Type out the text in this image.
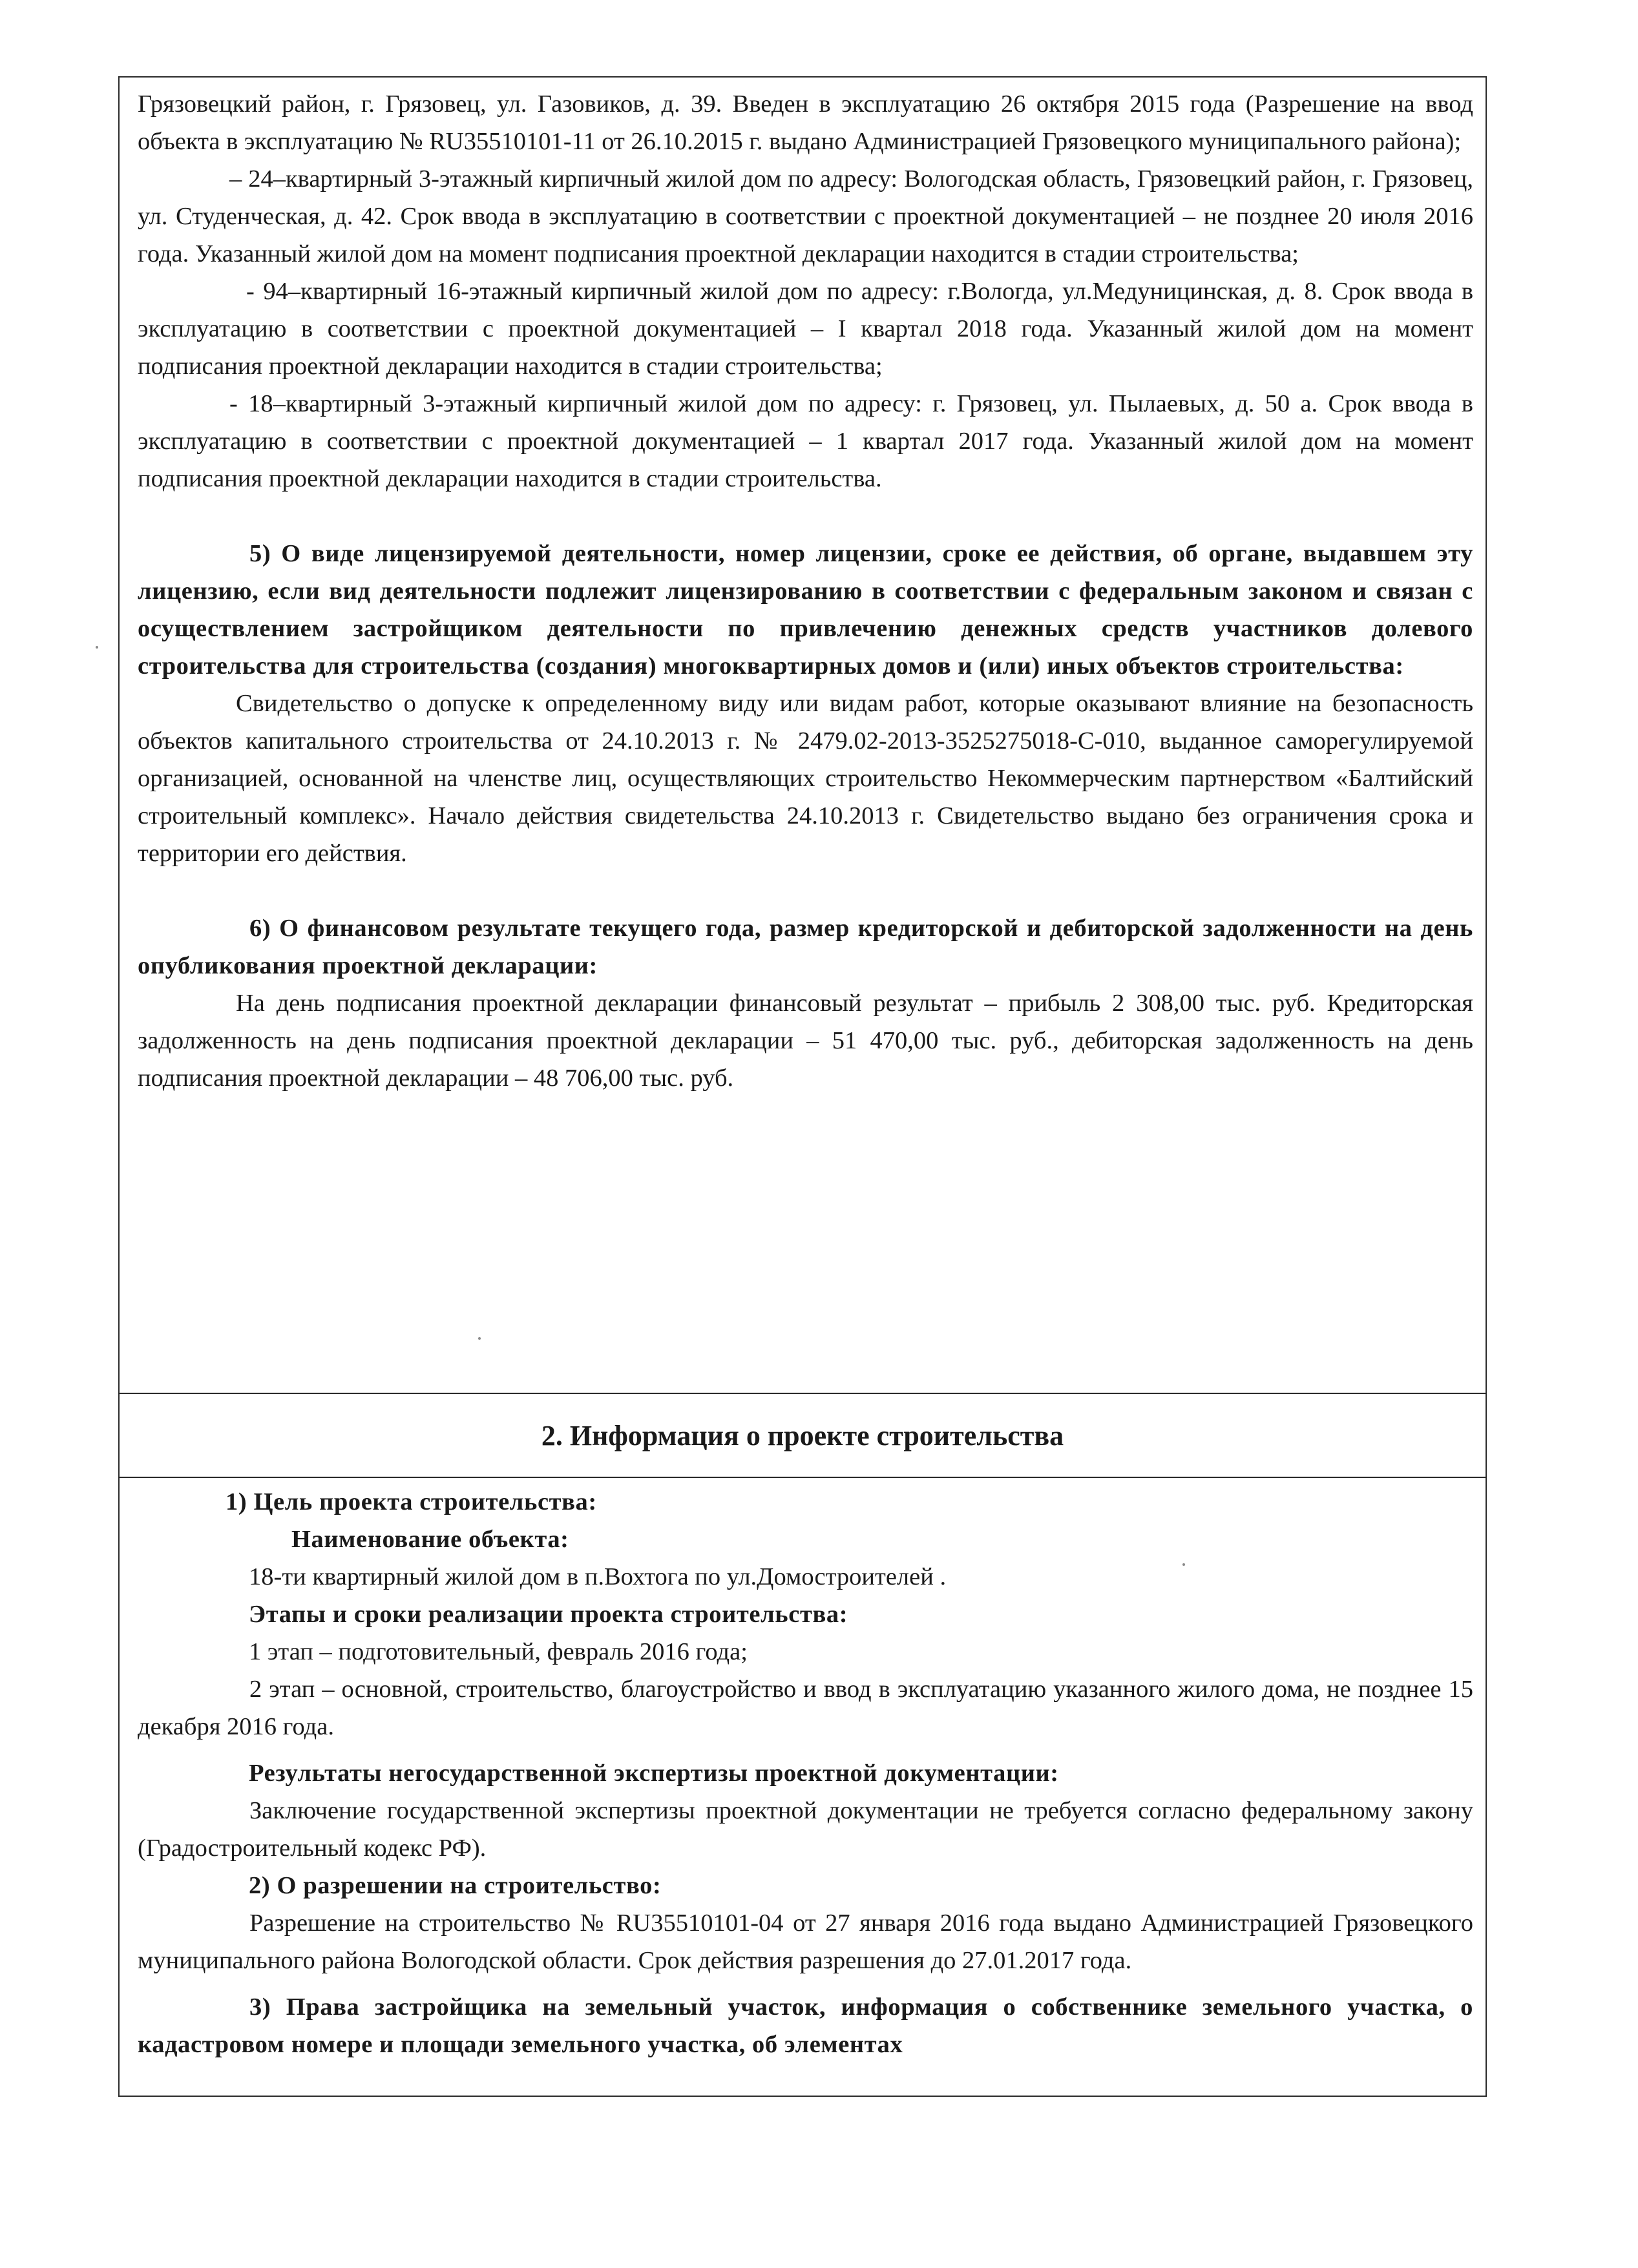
Грязовецкий район, г. Грязовец, ул. Газовиков, д. 39. Введен в эксплуатацию 26 октября 2015 года (Разрешение на ввод объекта в эксплуатацию № RU35510101-11 от 26.10.2015 г. выдано Администрацией Грязовецкого муниципального района);

– 24–квартирный 3-этажный кирпичный жилой дом по адресу: Вологодская область, Грязовецкий район, г. Грязовец, ул. Студенческая, д. 42. Срок ввода в эксплуатацию в соответствии с проектной документацией – не позднее 20 июля 2016 года. Указанный жилой дом на момент подписания проектной декларации находится в стадии строительства;

- 94–квартирный 16-этажный кирпичный жилой дом по адресу: г.Вологда, ул.Медуницинская, д. 8. Срок ввода в эксплуатацию в соответствии с проектной документацией – I квартал 2018 года. Указанный жилой дом на момент подписания проектной декларации находится в стадии строительства;

- 18–квартирный 3-этажный кирпичный жилой дом по адресу: г. Грязовец, ул. Пылаевых, д. 50 а. Срок ввода в эксплуатацию в соответствии с проектной документацией – 1 квартал 2017 года. Указанный жилой дом на момент подписания проектной декларации находится в стадии строительства.

5) О виде лицензируемой деятельности, номер лицензии, сроке ее действия, об органе, выдавшем эту лицензию, если вид деятельности подлежит лицензированию в соответствии с федеральным законом и связан с осуществлением застройщиком деятельности по привлечению денежных средств участников долевого строительства для строительства (создания) многоквартирных домов и (или) иных объектов строительства:

Свидетельство о допуске к определенному виду или видам работ, которые оказывают влияние на безопасность объектов капитального строительства от 24.10.2013 г. № 2479.02-2013-3525275018-С-010, выданное саморегулируемой организацией, основанной на членстве лиц, осуществляющих строительство Некоммерческим партнерством «Балтийский строительный комплекс». Начало действия свидетельства 24.10.2013 г. Свидетельство выдано без ограничения срока и территории его действия.

6) О финансовом результате текущего года, размер кредиторской и дебиторской задолженности на день опубликования проектной декларации:

На день подписания проектной декларации финансовый результат – прибыль 2 308,00 тыс. руб. Кредиторская задолженность на день подписания проектной декларации – 51 470,00 тыс. руб., дебиторская задолженность на день подписания проектной декларации – 48 706,00 тыс. руб.

2. Информация о проекте строительства

1) Цель проекта строительства:

Наименование объекта:

18-ти квартирный жилой дом в п.Вохтога по ул.Домостроителей .

Этапы и сроки реализации проекта строительства:

1 этап – подготовительный, февраль 2016 года;

2 этап – основной, строительство, благоустройство и ввод в эксплуатацию указанного жилого дома, не позднее 15 декабря 2016 года.

Результаты негосударственной экспертизы проектной документации:

Заключение государственной экспертизы проектной документации не требуется согласно федеральному закону (Градостроительный кодекс РФ).

2) О разрешении на строительство:

Разрешение на строительство № RU35510101-04 от 27 января 2016 года выдано Администрацией Грязовецкого муниципального района Вологодской области. Срок действия разрешения до 27.01.2017 года.

3) Права застройщика на земельный участок, информация о собственнике земельного участка, о кадастровом номере и площади земельного участка, об элементах
